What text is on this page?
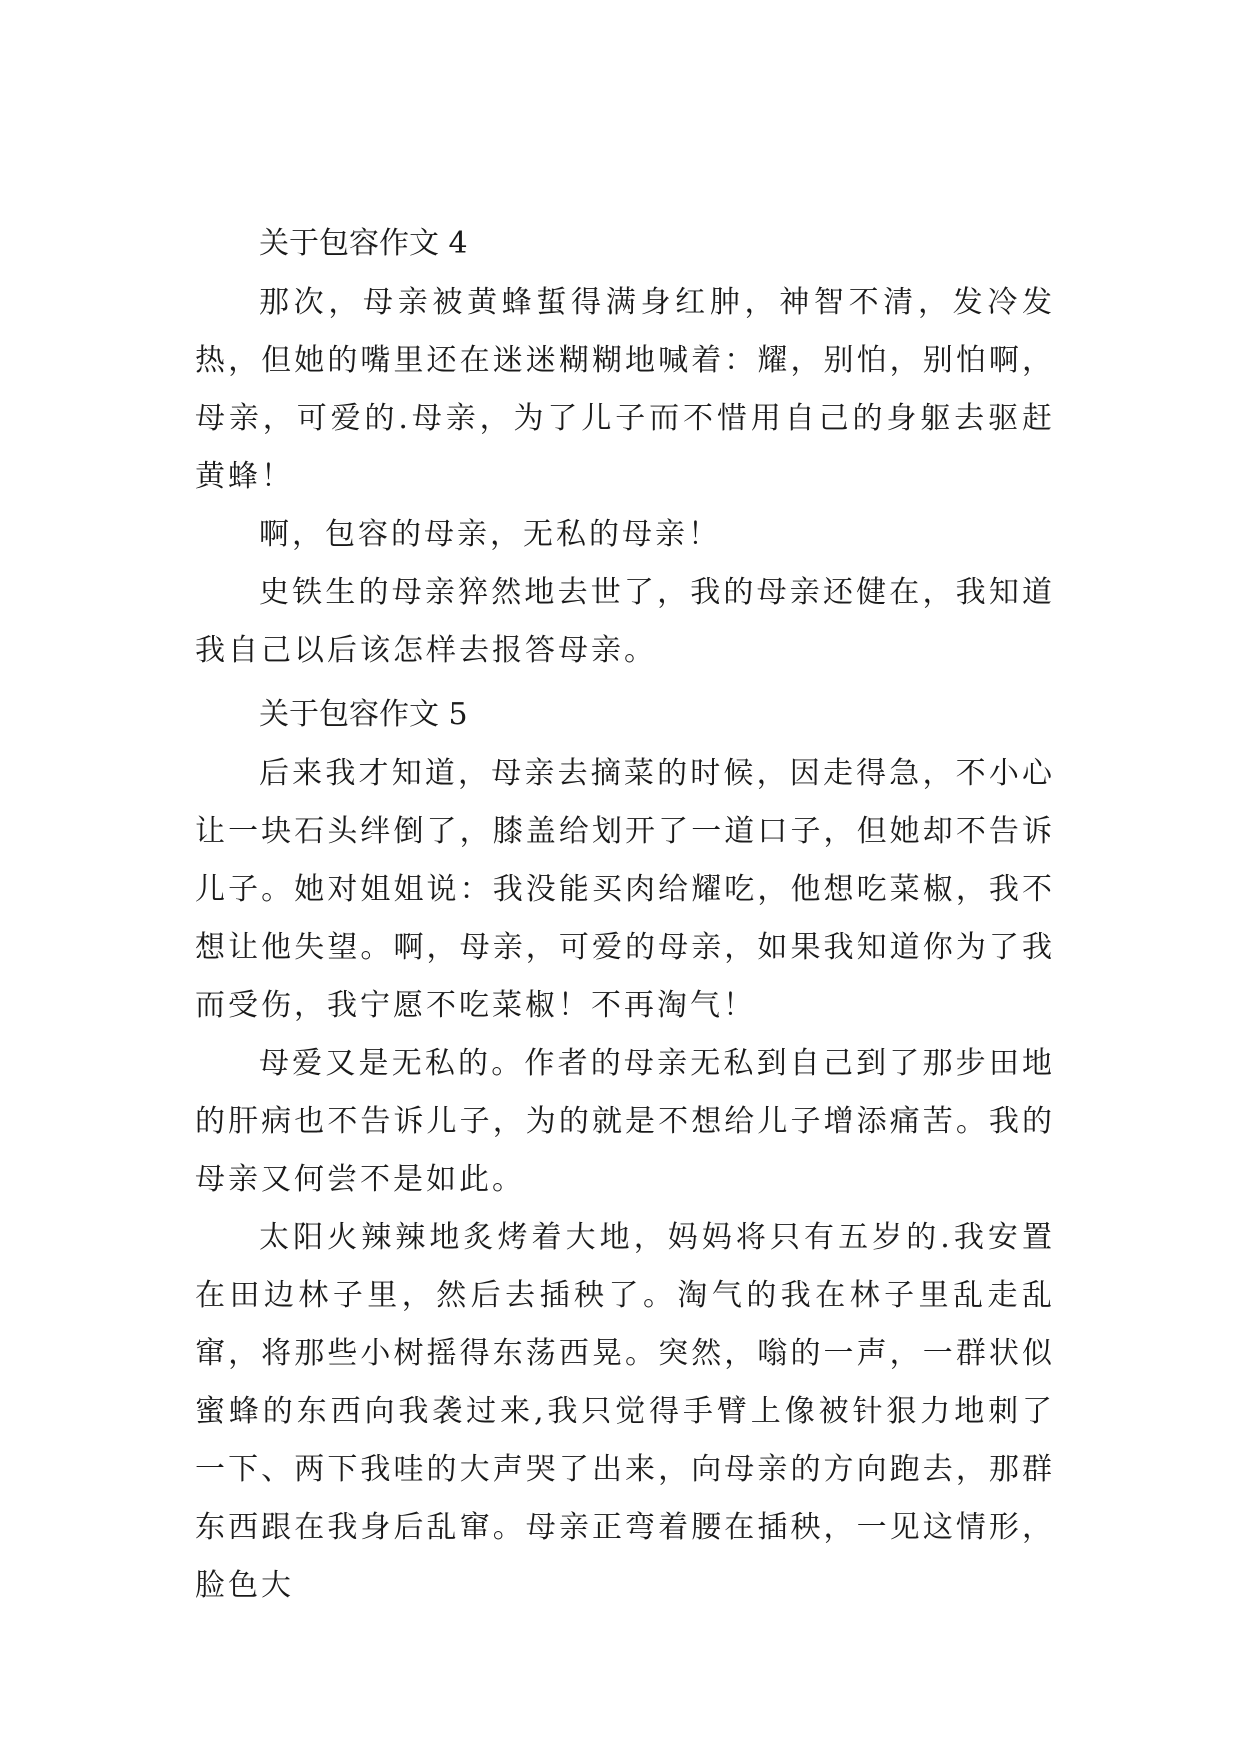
关于包容作文 4

那次，母亲被黄蜂蜇得满身红肿，神智不清，发冷发热，但她的嘴里还在迷迷糊糊地喊着：耀，别怕，别怕啊，母亲，可爱的.母亲，为了儿子而不惜用自己的身躯去驱赶黄蜂！

啊，包容的母亲，无私的母亲！

史铁生的母亲猝然地去世了，我的母亲还健在，我知道我自己以后该怎样去报答母亲。

关于包容作文 5

后来我才知道，母亲去摘菜的时候，因走得急，不小心让一块石头绊倒了，膝盖给划开了一道口子，但她却不告诉儿子。她对姐姐说：我没能买肉给耀吃，他想吃菜椒，我不想让他失望。啊，母亲，可爱的母亲，如果我知道你为了我而受伤，我宁愿不吃菜椒！不再淘气！

母爱又是无私的。作者的母亲无私到自己到了那步田地的肝病也不告诉儿子，为的就是不想给儿子增添痛苦。我的母亲又何尝不是如此。

太阳火辣辣地炙烤着大地，妈妈将只有五岁的.我安置在田边林子里，然后去插秧了。淘气的我在林子里乱走乱窜，将那些小树摇得东荡西晃。突然，嗡的一声，一群状似蜜蜂的东西向我袭过来,我只觉得手臂上像被针狠力地刺了一下、两下我哇的大声哭了出来，向母亲的方向跑去，那群东西跟在我身后乱窜。母亲正弯着腰在插秧，一见这情形，脸色大
